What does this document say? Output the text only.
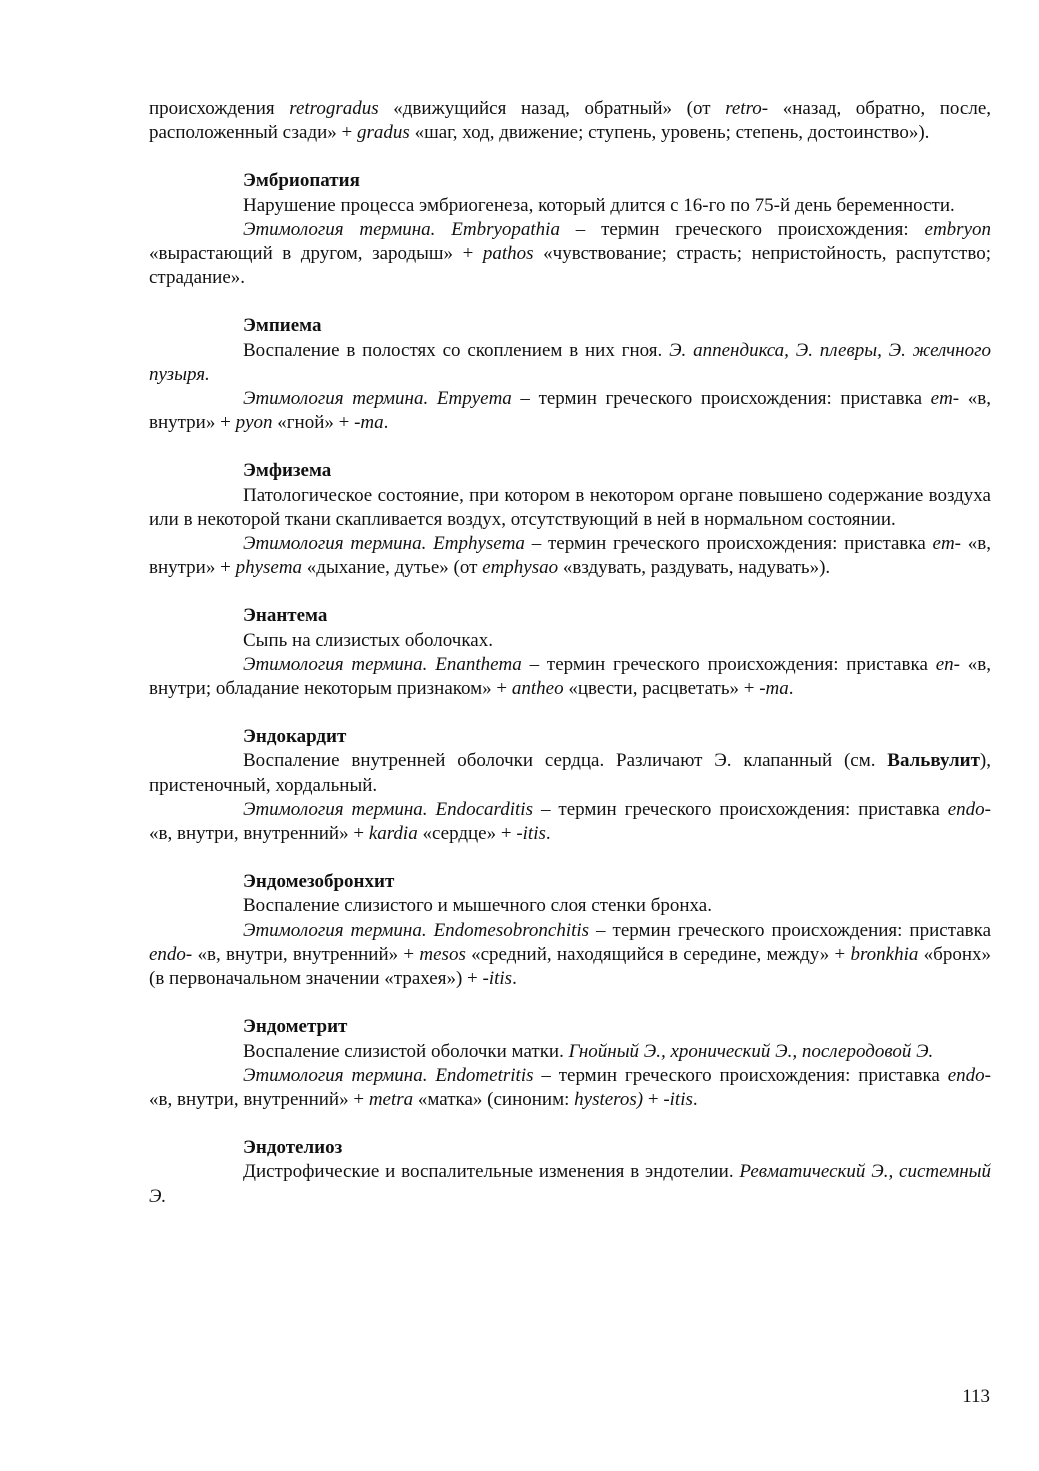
происхождения retrogradus «движущийся назад, обратный» (от retro- «назад, обратно, после, расположенный сзади» + gradus «шаг, ход, движение; ступень, уровень; степень, достоинство»).

Эмбриопатия

Нарушение процесса эмбриогенеза, который длится с 16-го по 75-й день беременности.

Этимология термина. Embryopathia – термин греческого происхождения: embryon «вырастающий в другом, зародыш» + pathos «чувствование; страсть; непристойность, распутство; страдание».

Эмпиема

Воспаление в полостях со скоплением в них гноя. Э. аппендикса, Э. плевры, Э. желчного пузыря.

Этимология термина. Empyema – термин греческого происхождения: приставка em- «в, внутри» + pyon «гной» + -ma.

Эмфизема

Патологическое состояние, при котором в некотором органе повышено содержание воздуха или в некоторой ткани скапливается воздух, отсутствующий в ней в нормальном состоянии.

Этимология термина. Emphysema – термин греческого происхождения: приставка em- «в, внутри» + physema «дыхание, дутье» (от emphysao «вздувать, раздувать, надувать»).

Энантема

Сыпь на слизистых оболочках.

Этимология термина. Enanthema – термин греческого происхождения: приставка en- «в, внутри; обладание некоторым признаком» + antheo «цвести, расцветать» + -ma.

Эндокардит

Воспаление внутренней оболочки сердца. Различают Э. клапанный (см. Вальвулит), пристеночный, хордальный.

Этимология термина. Endocarditis – термин греческого происхождения: приставка endo- «в, внутри, внутренний» + kardia «сердце» + -itis.

Эндомезобронхит

Воспаление слизистого и мышечного слоя стенки бронха.

Этимология термина. Endomesobronchitis – термин греческого происхождения: приставка endo- «в, внутри, внутренний» + mesos «средний, находящийся в середине, между» + bronkhia «бронх» (в первоначальном значении «трахея») + -itis.

Эндометрит

Воспаление слизистой оболочки матки. Гнойный Э., хронический Э., послеродовой Э.

Этимология термина. Endometritis – термин греческого происхождения: приставка endo- «в, внутри, внутренний» + metra «матка» (синоним: hysteros) + -itis.

Эндотелиоз

Дистрофические и воспалительные изменения в эндотелии. Ревматический Э., системный Э.

113
